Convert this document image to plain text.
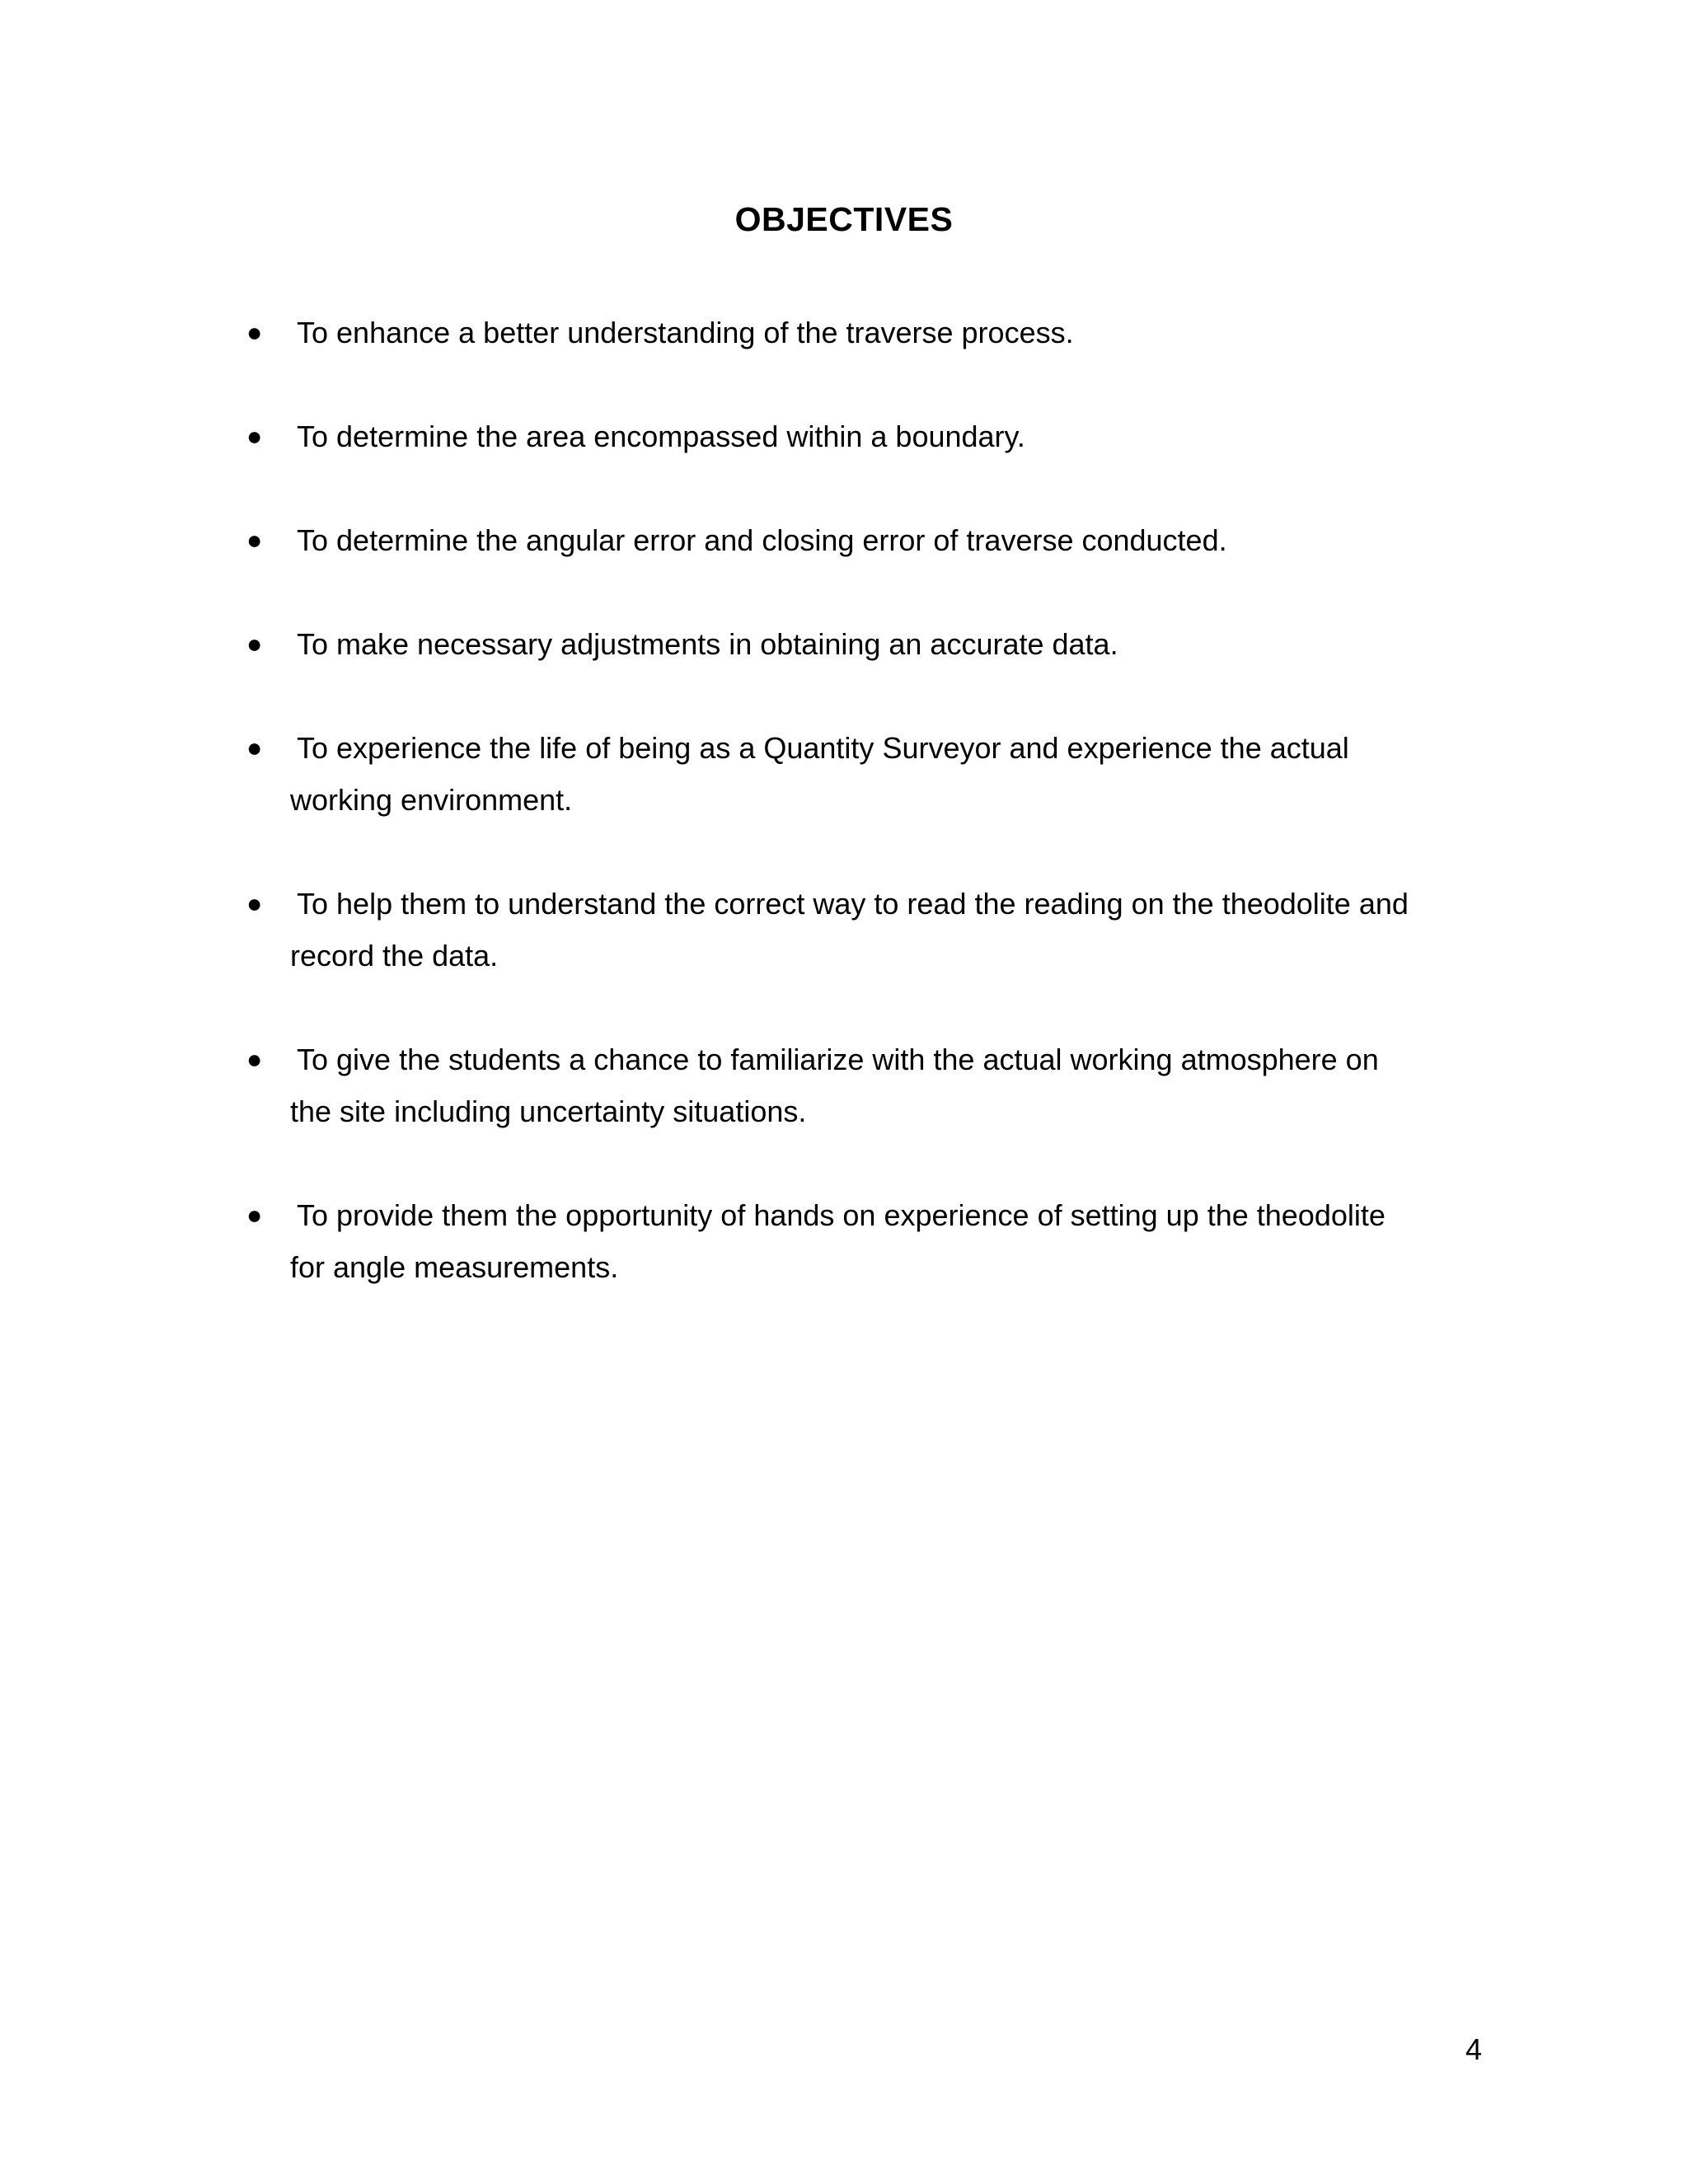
OBJECTIVES
● To enhance a better understanding of the traverse process.
● To determine the area encompassed within a boundary.
● To determine the angular error and closing error of traverse conducted.
● To make necessary adjustments in obtaining an accurate data.
● To experience the life of being as a Quantity Surveyor and experience the actual working environment.
● To help them to understand the correct way to read the reading on the theodolite and record the data.
● To give the students a chance to familiarize with the actual working atmosphere on the site including uncertainty situations.
● To provide them the opportunity of hands on experience of setting up the theodolite for angle measurements.
4
